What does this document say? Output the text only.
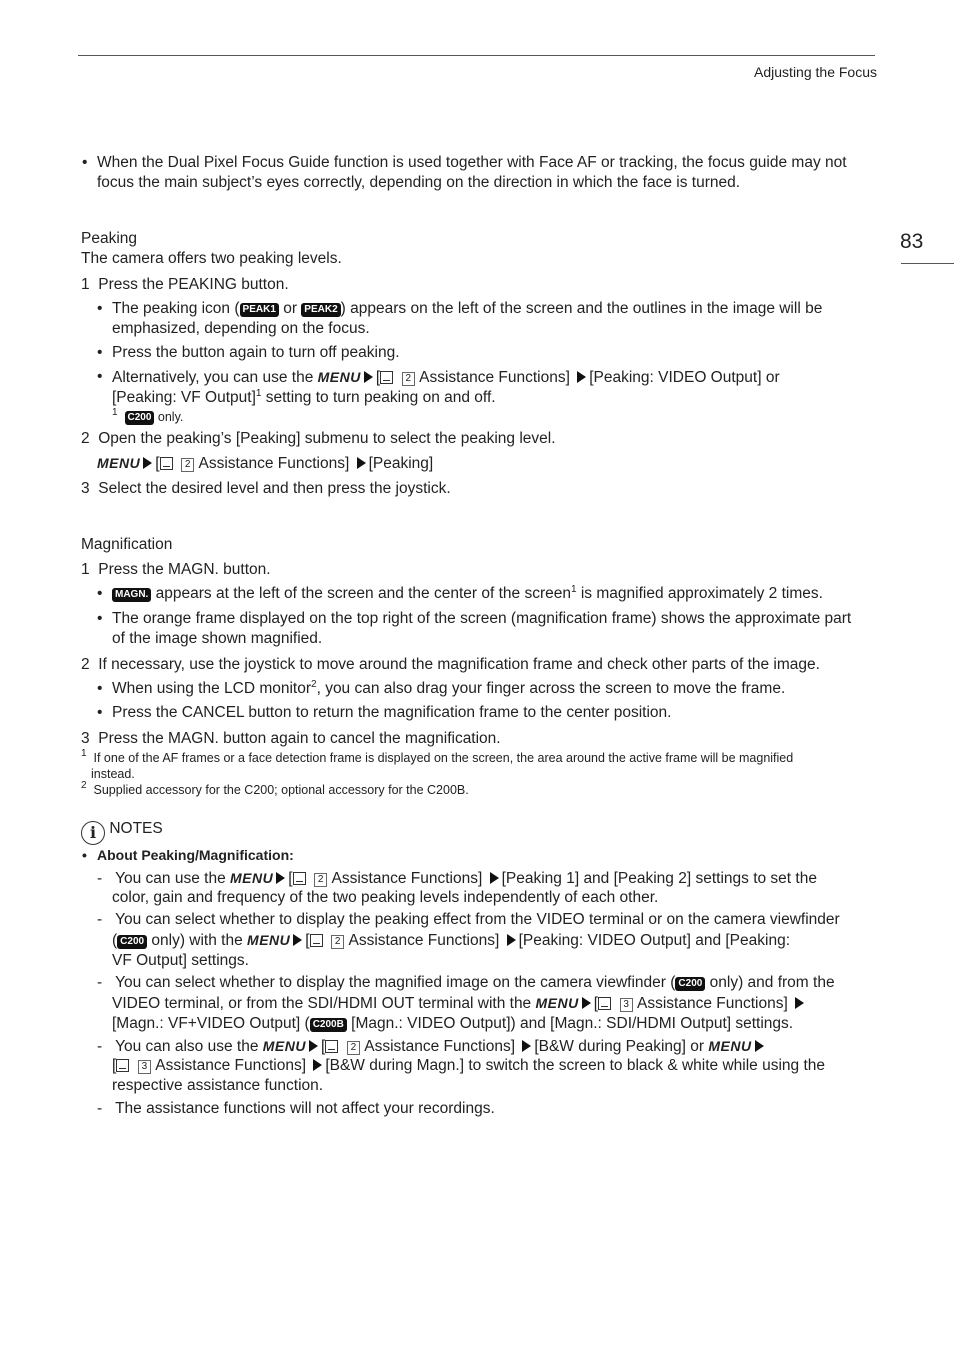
Adjusting the Focus
83
• When the Dual Pixel Focus Guide function is used together with Face AF or tracking, the focus guide may not
focus the main subject’s eyes correctly, depending on the direction in which the face is turned.
Peaking
The camera offers two peaking levels.
1 Press the PEAKING button.
• The peaking icon ( PEAK1 or PEAK2 ) appears on the left of the screen and the outlines in the image will be
emphasized, depending on the focus.
• Press the button again to turn off peaking.
• Alternatively, you can use the MENU [	2 Assistance Functions] [Peaking: VIDEO Output] or
[Peaking: VF Output]$^1$ setting to turn peaking on and off.
$^1$ C200 only.
2 Open the peaking’s [Peaking] submenu to select the peaking level.
MENU [	2 Assistance Functions] [Peaking]
3 Select the desired level and then press the joystick.
Magnification
1 Press the MAGN. button.
• MAGN. appears at the left of the screen and the center of the screen$^1$ is magnified approximately 2 times.
• The orange frame displayed on the top right of the screen (magnification frame) shows the approximate part
of the image shown magnified.
2 If necessary, use the joystick to move around the magnification frame and check other parts of the image.
• When using the LCD monitor$^2$, you can also drag your finger across the screen to move the frame.
• Press the CANCEL button to return the magnification frame to the center position.
3 Press the MAGN. button again to cancel the magnification.
$^1$ If one of the AF frames or a face detection frame is displayed on the screen, the area around the active frame will be magnified
instead.
$^2$ Supplied accessory for the C200; optional accessory for the C200B.
i NOTES
• About Peaking/Magnification:
- You can use the MENU [	2 Assistance Functions] [Peaking 1] and [Peaking 2] settings to set the
color, gain and frequency of the two peaking levels independently of each other.
- You can select whether to display the peaking effect from the VIDEO terminal or on the camera viewfinder
( C200 only) with the MENU [	2 Assistance Functions] [Peaking: VIDEO Output] and [Peaking:
VF Output] settings.
- You can select whether to display the magnified image on the camera viewfinder ( C200 only) and from the
VIDEO terminal, or from the SDI/HDMI OUT terminal with the MENU [	3 Assistance Functions]
[Magn.: VF+VIDEO Output] ( C200B [Magn.: VIDEO Output]) and [Magn.: SDI/HDMI Output] settings.
- You can also use the MENU [	2 Assistance Functions] [B&W during Peaking] or MENU
[	3 Assistance Functions] [B&W during Magn.] to switch the screen to black & white while using the
respective assistance function.
- The assistance functions will not affect your recordings.
